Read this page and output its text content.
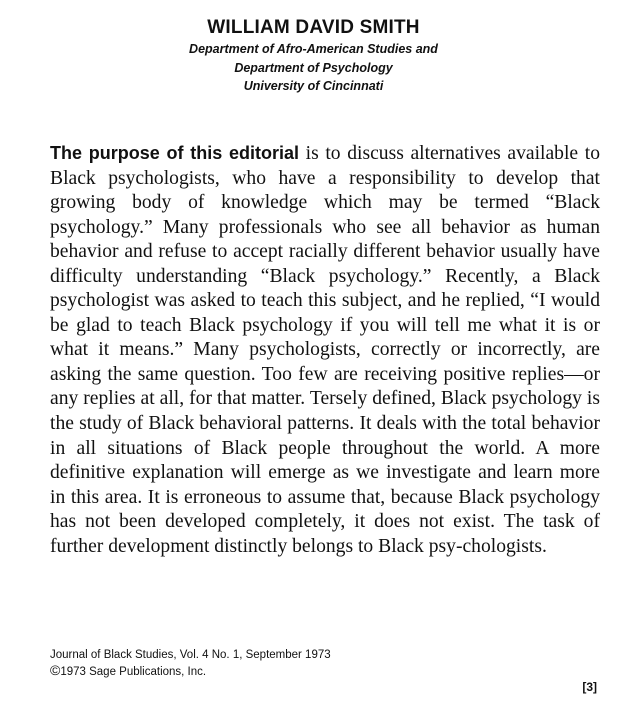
WILLIAM DAVID SMITH

Department of Afro-American Studies and

Department of Psychology

University of Cincinnati

The purpose of this editorial is to discuss alternatives available to Black psychologists, who have a responsibility to develop that growing body of knowledge which may be termed “Black psychology.” Many professionals who see all behavior as human behavior and refuse to accept racially different behavior usually have difficulty understanding “Black psychology.” Recently, a Black psychologist was asked to teach this subject, and he replied, “I would be glad to teach Black psychology if you will tell me what it is or what it means.” Many psychologists, correctly or incorrectly, are asking the same question. Too few are receiving positive replies—or any replies at all, for that matter. Tersely defined, Black psychology is the study of Black behavioral patterns. It deals with the total behavior in all situations of Black people throughout the world. A more definitive explanation will emerge as we investigate and learn more in this area. It is erroneous to assume that, because Black psychology has not been developed completely, it does not exist. The task of further development distinctly belongs to Black psy-chologists.

Journal of Black Studies, Vol. 4 No. 1, September 1973
©1973 Sage Publications, Inc.
[3]
